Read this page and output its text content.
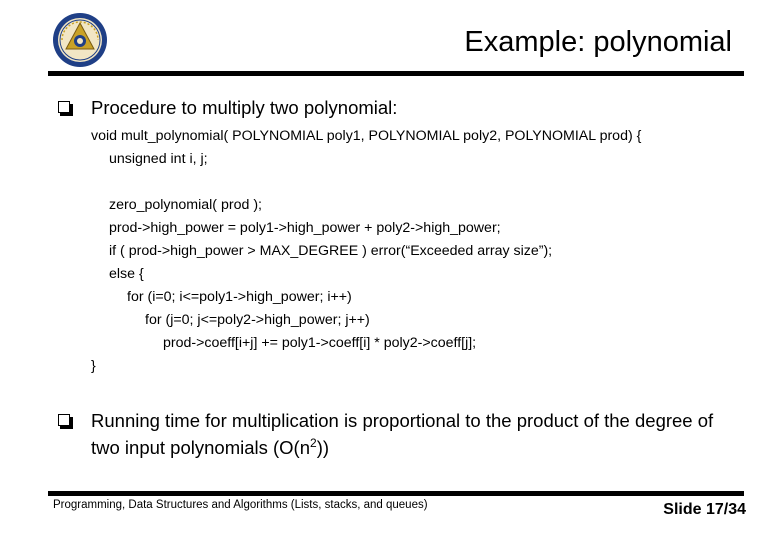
Example: polynomial
Procedure to multiply two polynomial:
void mult_polynomial( POLYNOMIAL poly1, POLYNOMIAL poly2, POLYNOMIAL prod) {
unsigned int i, j;
zero_polynomial( prod );
prod->high_power = poly1->high_power + poly2->high_power;
if ( prod->high_power > MAX_DEGREE ) error(“Exceeded array size”);
else {
for (i=0; i<=poly1->high_power; i++)
for (j=0; j<=poly2->high_power; j++)
prod->coeff[i+j] += poly1->coeff[i] * poly2->coeff[j];
}
Running time for multiplication is proportional to the product of the degree of two input polynomials $(O(n^2))$
Programming, Data Structures and Algorithms (Lists, stacks, and queues)	Slide 17/34
